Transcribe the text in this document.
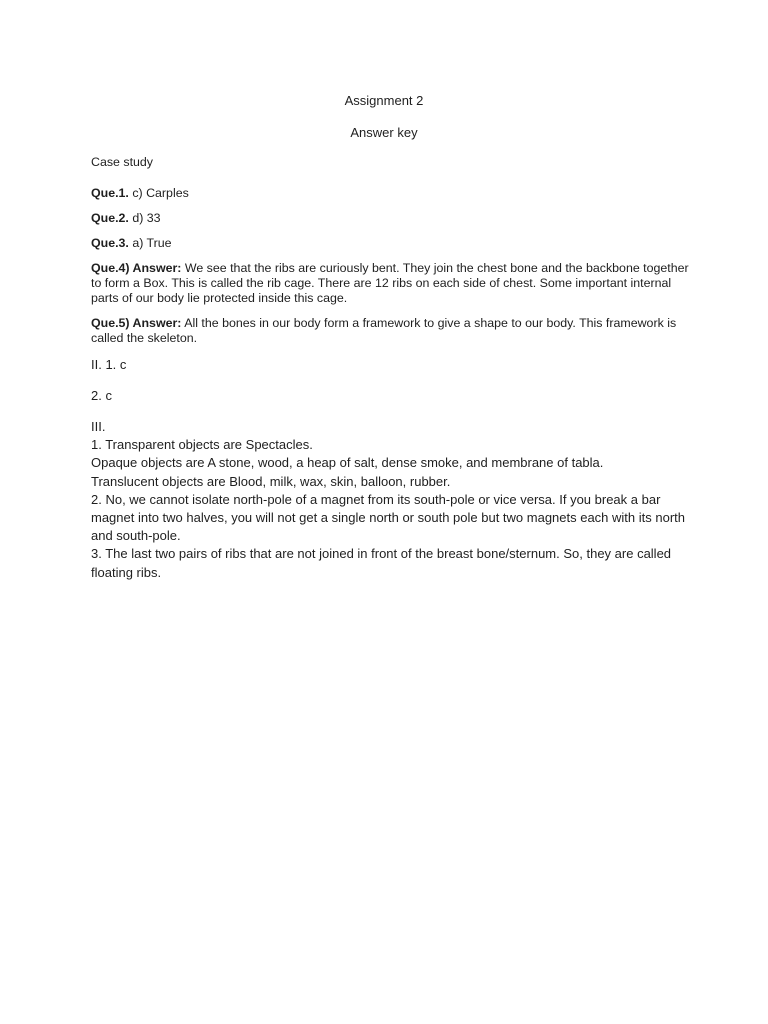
Assignment 2

Answer key

Case study

Que.1. c) Carples

Que.2. d) 33

Que.3. a) True

Que.4) Answer: We see that the ribs are curiously bent. They join the chest bone and the backbone together to form a Box. This is called the rib cage. There are 12 ribs on each side of chest. Some important internal parts of our body lie protected inside this cage.

Que.5) Answer: All the bones in our body form a framework to give a shape to our body. This framework is called the skeleton.

II. 1. c

2. c

III.
1. Transparent objects are Spectacles.
Opaque objects are A stone, wood, a heap of salt, dense smoke, and membrane of tabla.
Translucent objects are Blood, milk, wax, skin, balloon, rubber.
2. No, we cannot isolate north-pole of a magnet from its south-pole or vice versa. If you break a bar magnet into two halves, you will not get a single north or south pole but two magnets each with its north and south-pole.
3. The last two pairs of ribs that are not joined in front of the breast bone/sternum. So, they are called floating ribs.
